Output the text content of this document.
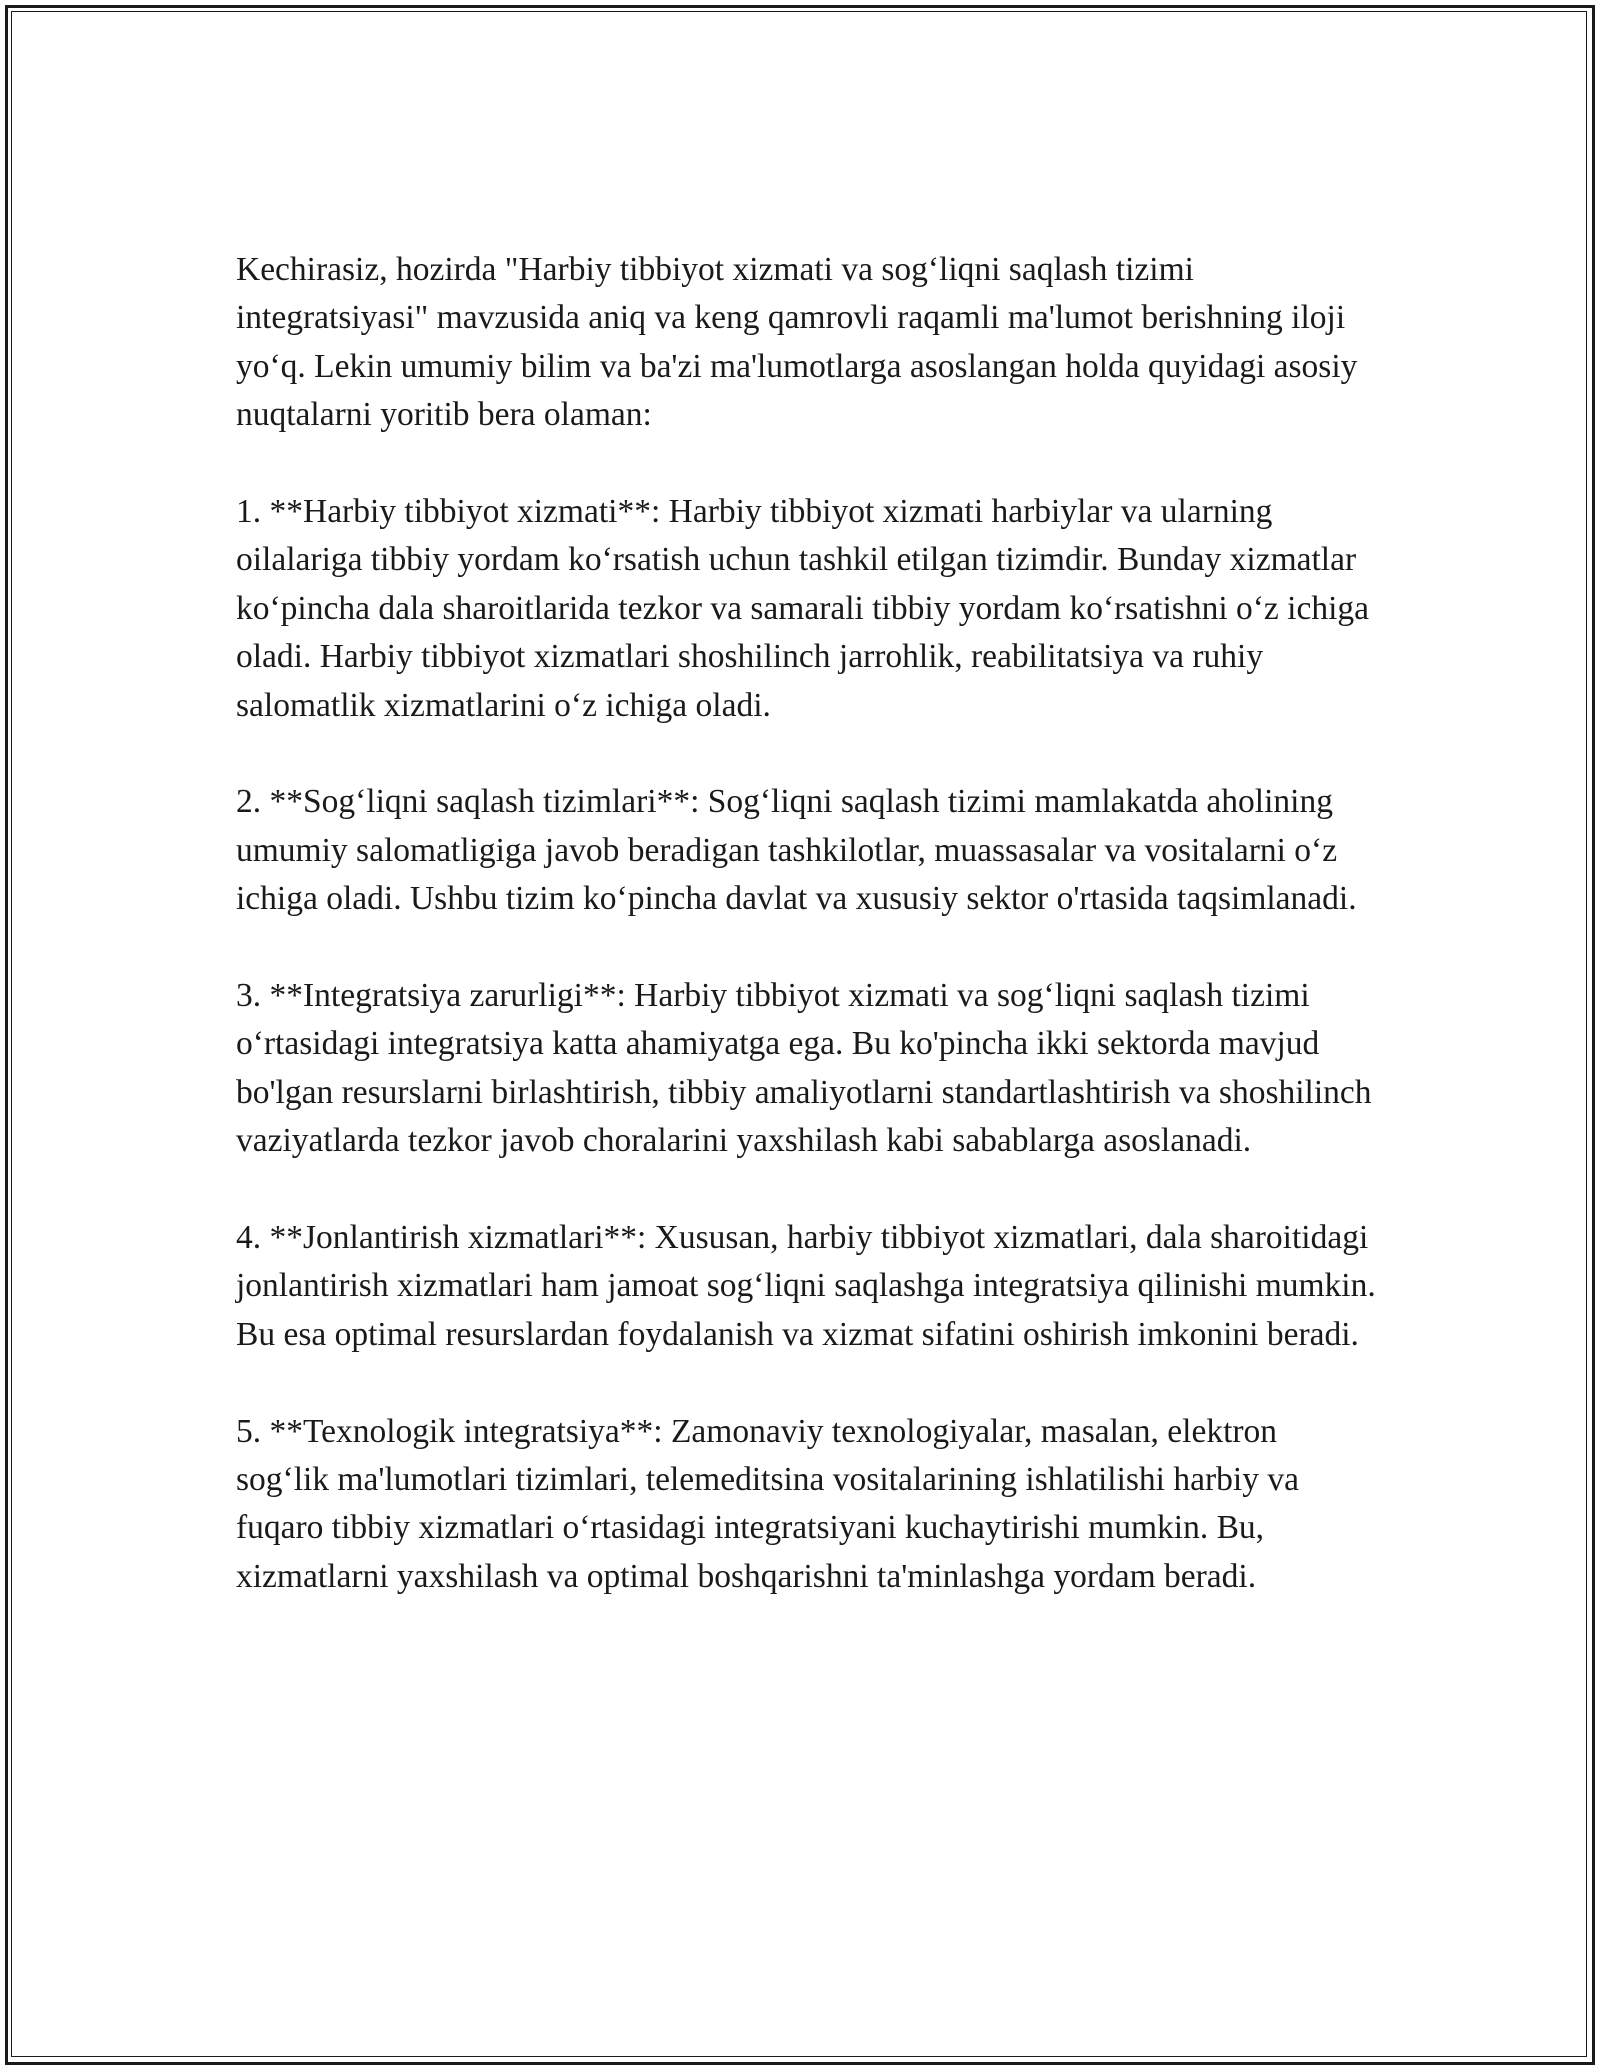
Kechirasiz, hozirda "Harbiy tibbiyot xizmati va sog‘liqni saqlash tizimi integratsiyasi" mavzusida aniq va keng qamrovli raqamli ma'lumot berishning iloji yo‘q. Lekin umumiy bilim va ba'zi ma'lumotlarga asoslangan holda quyidagi asosiy nuqtalarni yoritib bera olaman:

1. **Harbiy tibbiyot xizmati**: Harbiy tibbiyot xizmati harbiylar va ularning oilalariga tibbiy yordam ko‘rsatish uchun tashkil etilgan tizimdir. Bunday xizmatlar ko‘pincha dala sharoitlarida tezkor va samarali tibbiy yordam ko‘rsatishni o‘z ichiga oladi. Harbiy tibbiyot xizmatlari shoshilinch jarrohlik, reabilitatsiya va ruhiy salomatlik xizmatlarini o‘z ichiga oladi.

2. **Sog‘liqni saqlash tizimlari**: Sog‘liqni saqlash tizimi mamlakatda aholining umumiy salomatligiga javob beradigan tashkilotlar, muassasalar va vositalarni o‘z ichiga oladi. Ushbu tizim ko‘pincha davlat va xususiy sektor o'rtasida taqsimlanadi.

3. **Integratsiya zarurligi**: Harbiy tibbiyot xizmati va sog‘liqni saqlash tizimi o‘rtasidagi integratsiya katta ahamiyatga ega. Bu ko'pincha ikki sektorda mavjud bo'lgan resurslarni birlashtirish, tibbiy amaliyotlarni standartlashtirish va shoshilinch vaziyatlarda tezkor javob choralarini yaxshilash kabi sabablarga asoslanadi.

4. **Jonlantirish xizmatlari**: Xususan, harbiy tibbiyot xizmatlari, dala sharoitidagi jonlantirish xizmatlari ham jamoat sog‘liqni saqlashga integratsiya qilinishi mumkin. Bu esa optimal resurslardan foydalanish va xizmat sifatini oshirish imkonini beradi.

5. **Texnologik integratsiya**: Zamonaviy texnologiyalar, masalan, elektron sog‘lik ma'lumotlari tizimlari, telemeditsina vositalarining ishlatilishi harbiy va fuqaro tibbiy xizmatlari o‘rtasidagi integratsiyani kuchaytirishi mumkin. Bu, xizmatlarni yaxshilash va optimal boshqarishni ta'minlashga yordam beradi.
